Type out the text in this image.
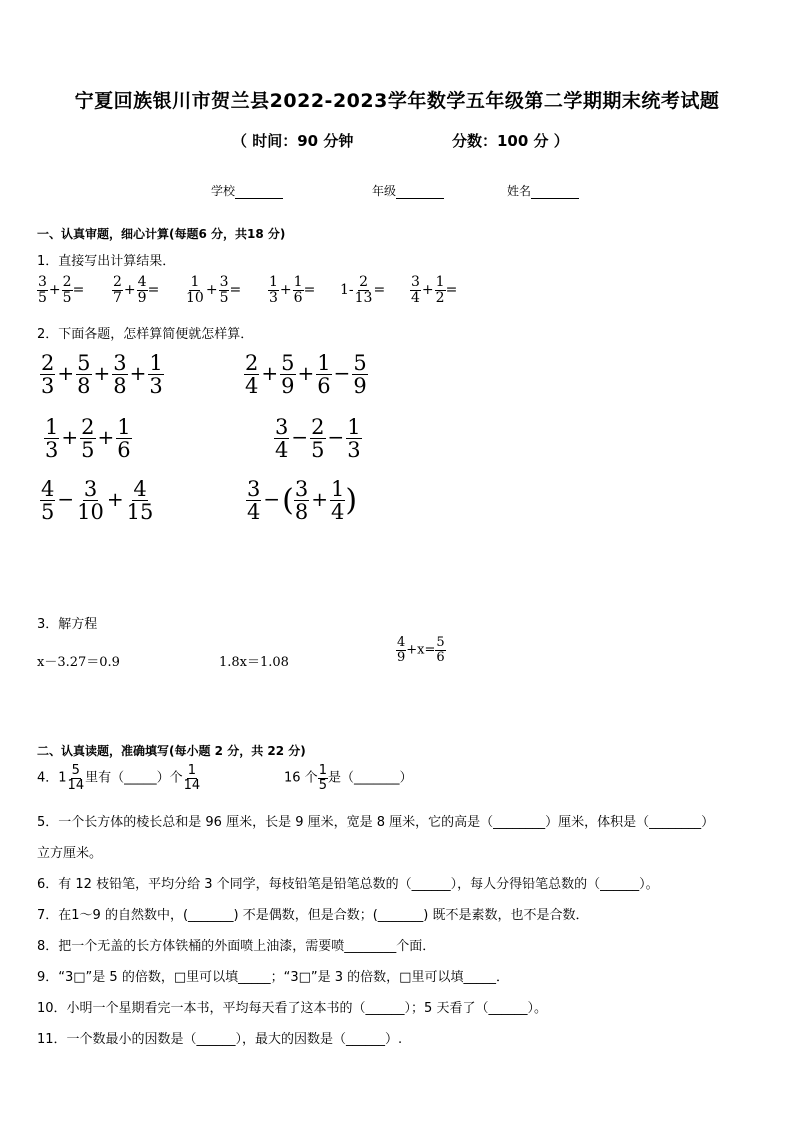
宁夏回族银川市贺兰县2022-2023学年数学五年级第二学期期末统考试题
（ 时间：90 分钟	分数：100 分 ）
学校	年级	姓名
一、认真审题，细心计算(每题6 分，共18 分)
1．直接写出计算结果．
$\frac{3}{5} + \frac{2}{5} = \frac{2}{7} + \frac{4}{9} = \frac{1}{10} + \frac{3}{5} = \frac{1}{3} + \frac{1}{6} = 1- \frac{2}{13} = \frac{3}{4} + \frac{1}{2}$ =
2．下面各题，怎样算简便就怎样算．
$\frac{2}{3} + \frac{5}{8} + \frac{3}{8} + \frac{1}{3}$	$\frac{2}{4} + \frac{5}{9} + \frac{1}{6} - \frac{5}{9}$
$\frac{1}{3} + \frac{2}{5} + \frac{1}{6}$	$\frac{3}{4} - \frac{2}{5} - \frac{1}{3}$
$\frac{4}{5} - \frac{3}{10} + \frac{4}{15}$	$\frac{3}{4}$ −( $\frac{3}{8} + \frac{1}{4}$ )
3．解方程
x－3.27＝0.9	1.8x＝1.08	$\frac{4}{9} +x= \frac{5}{6}$
二、认真读题，准确填写(每小题 2 分，共 22 分)
4．$1 \frac{5}{14}$ 里有（_____）个 $\frac{1}{14}$	16 个 $\frac{1}{5}$ 是（_______）
5．一个长方体的棱长总和是 96 厘米，长是 9 厘米，宽是 8 厘米，它的高是（________）厘米，体积是（________）
立方厘米。
6．有 12 枝铅笔，平均分给 3 个同学，每枝铅笔是铅笔总数的（______），每人分得铅笔总数的（______）。
7．在1～9 的自然数中，(_______) 不是偶数，但是合数；(_______) 既不是素数，也不是合数．
8．把一个无盖的长方体铁桶的外面喷上油漆，需要喷________个面．
9．“3□”是 5 的倍数，□里可以填_____；“3□”是 3 的倍数，□里可以填_____．
10．小明一个星期看完一本书，平均每天看了这本书的（______）；5 天看了（______）。
11．一个数最小的因数是（______），最大的因数是（______）.
